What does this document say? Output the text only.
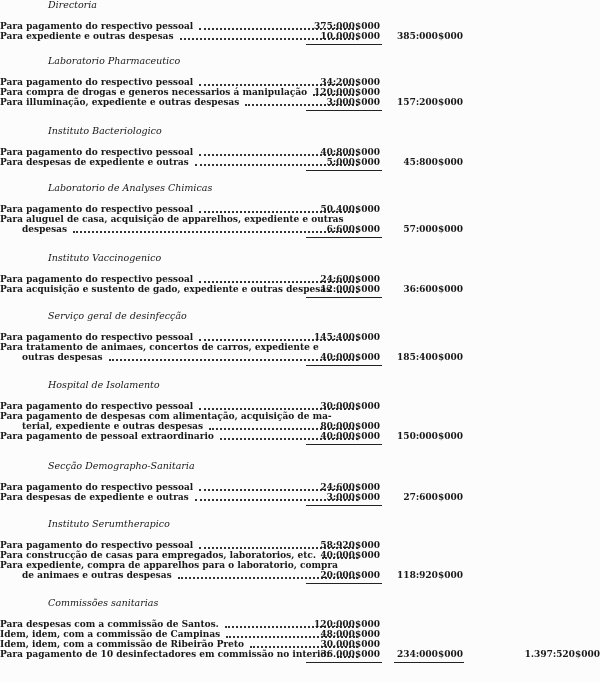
Directoria
Para pagamento do respectivo pessoal	375:000$000
Para expediente e outras despesas	10.000$000	385:000$000
Laboratorio Pharmaceutico
Para pagamento do respectivo pessoal	34:200$000
Para compra de drogas e generos necessarios á manipulação 120:000$000
Para illuminação, expediente e outras despesas	3:000$000	157:200$000
Instituto Bacteriologico
Para pagamento do respectivo pessoal	40:800$000
Para despesas de expediente e outras	5:000$000	45:800$000
Laboratorio de Analyses Chimicas
Para pagamento do respectivo pessoal	50.400$000
Para aluguel de casa, acquisição de apparelhos, expediente e outras
despesas	6:600$000	57:000$000
Instituto Vaccinogenico
Para pagamento do respectivo pessoal	24:600$000
Para acquisição e sustento de gado, expediente e outras despesas
12:000$000	36:600$000
Serviço geral de desinfecção
Para pagamento do respectivo pessoal	145:400$000
Para tratamento de animaes, concertos de carros, expediente e
outras despesas	40:000$000	185:400$000
Hospital de Isolamento
Para pagamento do respectivo pessoal	30:000$000
Para pagamento de despesas com alimentação, acquisição de ma-
terial, expediente e outras despesas	80:000$000
Para pagamento de pessoal extraordinario	40:000$000	150:000$000
Secção Demographo-Sanitaria
Para pagamento do respectivo pessoal	24:600$000
Para despesas de expediente e outras	3:000$000	27:600$000
Instituto Serumtherapico
Para pagamento do respectivo pessoal	58:920$000
Para construcção de casas para empregados, laboratorios, etc. 40:000$000
Para expediente, compra de apparelhos para o laboratorio, compra
de animaes e outras despesas	20:000$000	118:920$000
Commissões sanitarias
Para despesas com a commissão de Santos.	120:000$000
Idem, idem, com a commissão de Campinas	48:000$000
Idem, idem, com a commissão de Ribeirão Preto	30.000$000
Para pagamento de 10 desinfectadores em commissão no interior
36.000$000	234:000$000	1.397:520$000
